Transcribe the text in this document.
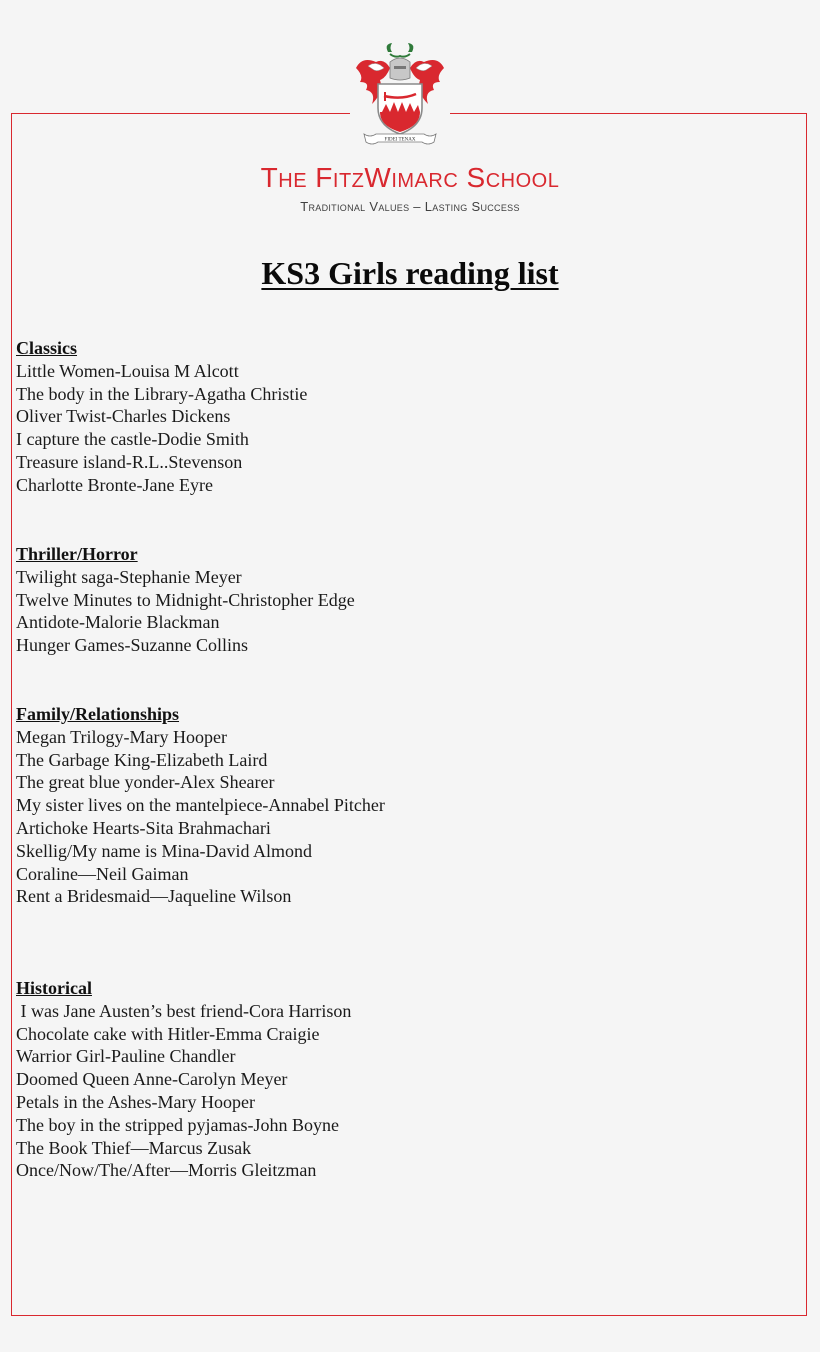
FIDEI TENAX
The FitzWimarc School
Traditional Values – Lasting Success
KS3 Girls reading list
Classics
Little Women-Louisa M Alcott
The body in the Library-Agatha Christie
Oliver Twist-Charles Dickens
I capture the castle-Dodie Smith
Treasure island-R.L..Stevenson
Charlotte Bronte-Jane Eyre
Thriller/Horror
Twilight saga-Stephanie Meyer
Twelve Minutes to Midnight-Christopher Edge
Antidote-Malorie Blackman
Hunger Games-Suzanne Collins
Family/Relationships
Megan Trilogy-Mary Hooper
The Garbage King-Elizabeth Laird
The great blue yonder-Alex Shearer
My sister lives on the mantelpiece-Annabel Pitcher
Artichoke Hearts-Sita Brahmachari
Skellig/My name is Mina-David Almond
Coraline—Neil Gaiman
Rent a Bridesmaid—Jaqueline Wilson
Historical
I was Jane Austen’s best friend-Cora Harrison
Chocolate cake with Hitler-Emma Craigie
Warrior Girl-Pauline Chandler
Doomed Queen Anne-Carolyn Meyer
Petals in the Ashes-Mary Hooper
The boy in the stripped pyjamas-John Boyne
The Book Thief—Marcus Zusak
Once/Now/The/After—Morris Gleitzman
